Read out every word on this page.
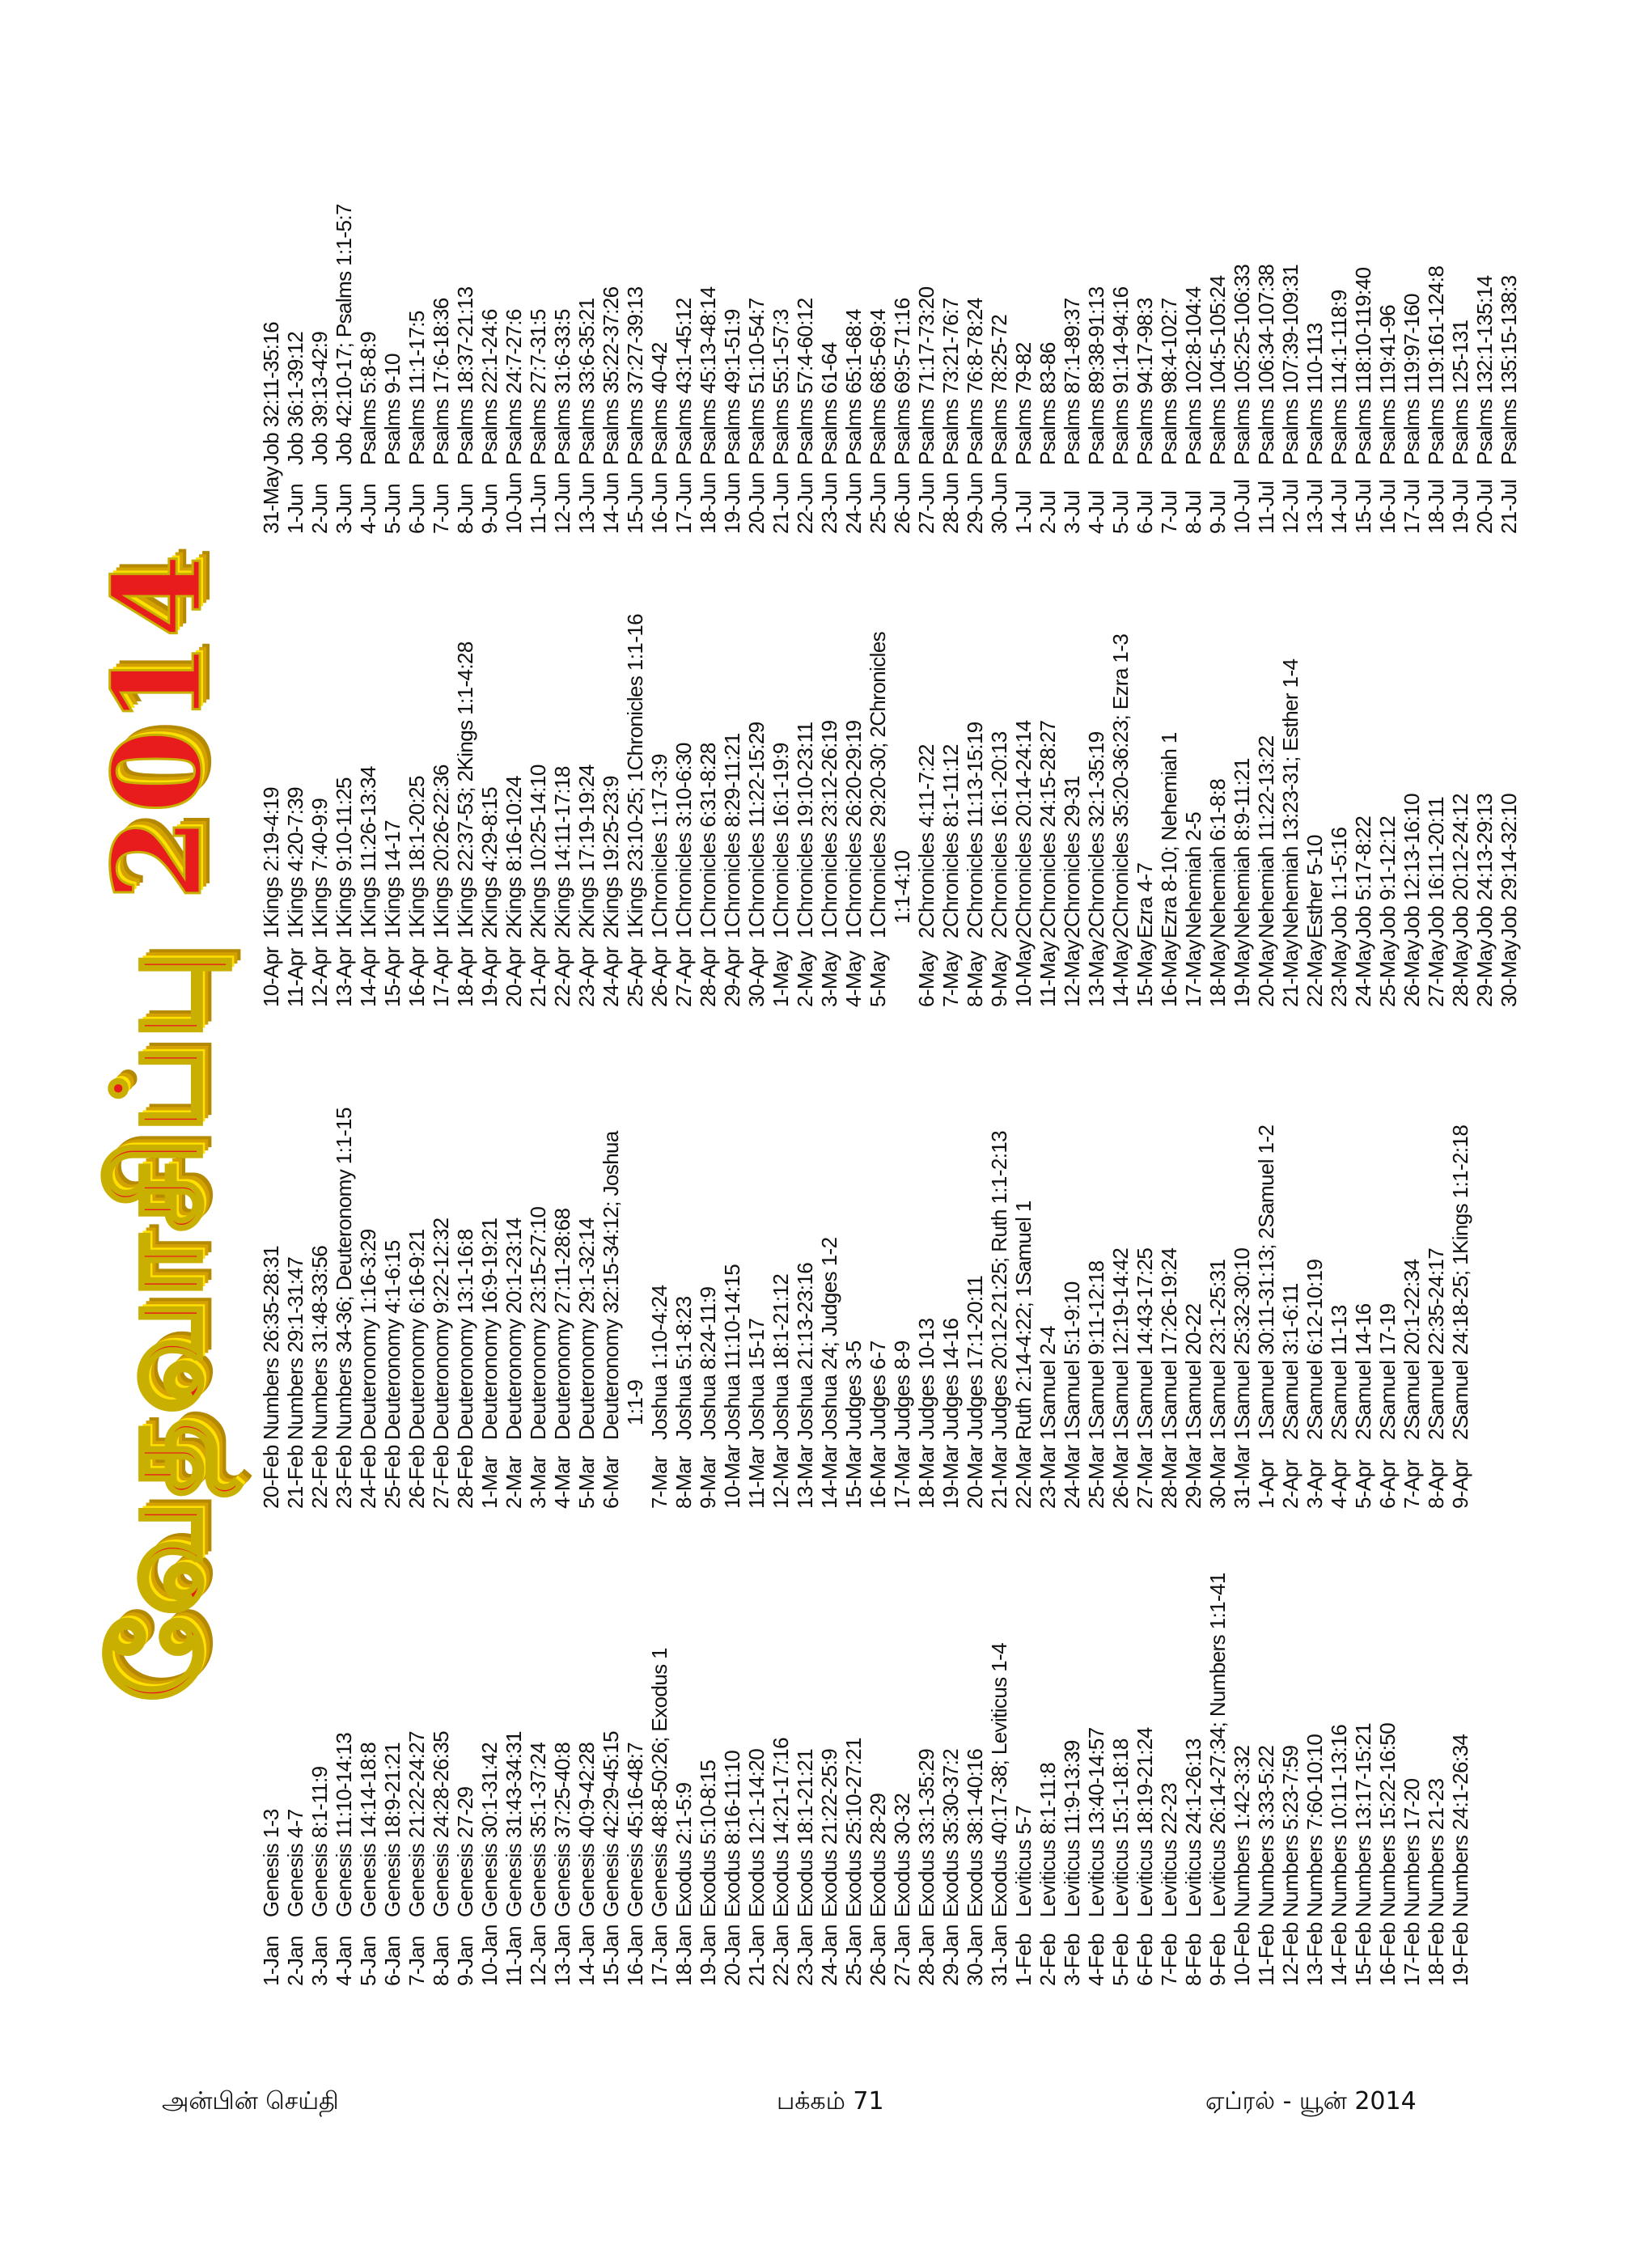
வேதவாசிப்பு 2014
1-Jan
Genesis 1-3
2-Jan
Genesis 4-7
3-Jan
Genesis 8:1-11:9
4-Jan
Genesis 11:10-14:13
5-Jan
Genesis 14:14-18:8
6-Jan
Genesis 18:9-21:21
7-Jan
Genesis 21:22-24:27
8-Jan
Genesis 24:28-26:35
9-Jan
Genesis 27-29
10-Jan
Genesis 30:1-31:42
11-Jan
Genesis 31:43-34:31
12-Jan
Genesis 35:1-37:24
13-Jan
Genesis 37:25-40:8
14-Jan
Genesis 40:9-42:28
15-Jan
Genesis 42:29-45:15
16-Jan
Genesis 45:16-48:7
17-Jan
Genesis 48:8-50:26; Exodus 1
18-Jan
Exodus 2:1-5:9
19-Jan
Exodus 5:10-8:15
20-Jan
Exodus 8:16-11:10
21-Jan
Exodus 12:1-14:20
22-Jan
Exodus 14:21-17:16
23-Jan
Exodus 18:1-21:21
24-Jan
Exodus 21:22-25:9
25-Jan
Exodus 25:10-27:21
26-Jan
Exodus 28-29
27-Jan
Exodus 30-32
28-Jan
Exodus 33:1-35:29
29-Jan
Exodus 35:30-37:2
30-Jan
Exodus 38:1-40:16
31-Jan
Exodus 40:17-38; Leviticus 1-4
1-Feb
Leviticus 5-7
2-Feb
Leviticus 8:1-11:8
3-Feb
Leviticus 11:9-13:39
4-Feb
Leviticus 13:40-14:57
5-Feb
Leviticus 15:1-18:18
6-Feb
Leviticus 18:19-21:24
7-Feb
Leviticus 22-23
8-Feb
Leviticus 24:1-26:13
9-Feb
Leviticus 26:14-27:34; Numbers 1:1-41
10-Feb
Numbers 1:42-3:32
11-Feb
Numbers 3:33-5:22
12-Feb
Numbers 5:23-7:59
13-Feb
Numbers 7:60-10:10
14-Feb
Numbers 10:11-13:16
15-Feb
Numbers 13:17-15:21
16-Feb
Numbers 15:22-16:50
17-Feb
Numbers 17-20
18-Feb
Numbers 21-23
19-Feb
Numbers 24:1-26:34
20-Feb
Numbers 26:35-28:31
21-Feb
Numbers 29:1-31:47
22-Feb
Numbers 31:48-33:56
23-Feb
Numbers 34-36; Deuteronomy 1:1-15
24-Feb
Deuteronomy 1:16-3:29
25-Feb
Deuteronomy 4:1-6:15
26-Feb
Deuteronomy 6:16-9:21
27-Feb
Deuteronomy 9:22-12:32
28-Feb
Deuteronomy 13:1-16:8
1-Mar
Deuteronomy 16:9-19:21
2-Mar
Deuteronomy 20:1-23:14
3-Mar
Deuteronomy 23:15-27:10
4-Mar
Deuteronomy 27:11-28:68
5-Mar
Deuteronomy 29:1-32:14
6-Mar
Deuteronomy 32:15-34:12; Joshua 1:1-9
7-Mar
Joshua 1:10-4:24
8-Mar
Joshua 5:1-8:23
9-Mar
Joshua 8:24-11:9
10-Mar
Joshua 11:10-14:15
11-Mar
Joshua 15-17
12-Mar
Joshua 18:1-21:12
13-Mar
Joshua 21:13-23:16
14-Mar
Joshua 24; Judges 1-2
15-Mar
Judges 3-5
16-Mar
Judges 6-7
17-Mar
Judges 8-9
18-Mar
Judges 10-13
19-Mar
Judges 14-16
20-Mar
Judges 17:1-20:11
21-Mar
Judges 20:12-21:25; Ruth 1:1-2:13
22-Mar
Ruth 2:14-4:22; 1Samuel 1
23-Mar
1Samuel 2-4
24-Mar
1Samuel 5:1-9:10
25-Mar
1Samuel 9:11-12:18
26-Mar
1Samuel 12:19-14:42
27-Mar
1Samuel 14:43-17:25
28-Mar
1Samuel 17:26-19:24
29-Mar
1Samuel 20-22
30-Mar
1Samuel 23:1-25:31
31-Mar
1Samuel 25:32-30:10
1-Apr
1Samuel 30:11-31:13; 2Samuel 1-2
2-Apr
2Samuel 3:1-6:11
3-Apr
2Samuel 6:12-10:19
4-Apr
2Samuel 11-13
5-Apr
2Samuel 14-16
6-Apr
2Samuel 17-19
7-Apr
2Samuel 20:1-22:34
8-Apr
2Samuel 22:35-24:17
9-Apr
2Samuel 24:18-25; 1Kings 1:1-2:18
10-Apr
1Kings 2:19-4:19
11-Apr
1Kings 4:20-7:39
12-Apr
1Kings 7:40-9:9
13-Apr
1Kings 9:10-11:25
14-Apr
1Kings 11:26-13:34
15-Apr
1Kings 14-17
16-Apr
1Kings 18:1-20:25
17-Apr
1Kings 20:26-22:36
18-Apr
1Kings 22:37-53; 2Kings 1:1-4:28
19-Apr
2Kings 4:29-8:15
20-Apr
2Kings 8:16-10:24
21-Apr
2Kings 10:25-14:10
22-Apr
2Kings 14:11-17:18
23-Apr
2Kings 17:19-19:24
24-Apr
2Kings 19:25-23:9
25-Apr
1Kings 23:10-25; 1Chronicles 1:1-16
26-Apr
1Chronicles 1:17-3:9
27-Apr
1Chronicles 3:10-6:30
28-Apr
1Chronicles 6:31-8:28
29-Apr
1Chronicles 8:29-11:21
30-Apr
1Chronicles 11:22-15:29
1-May
1Chronicles 16:1-19:9
2-May
1Chronicles 19:10-23:11
3-May
1Chronicles 23:12-26:19
4-May
1Chronicles 26:20-29:19
5-May
1Chronicles 29:20-30; 2Chronicles 1:1-4:10
6-May
2Chronicles 4:11-7:22
7-May
2Chronicles 8:1-11:12
8-May
2Chronicles 11:13-15:19
9-May
2Chronicles 16:1-20:13
10-May
2Chronicles 20:14-24:14
11-May
2Chronicles 24:15-28:27
12-May
2Chronicles 29-31
13-May
2Chronicles 32:1-35:19
14-May
2Chronicles 35:20-36:23; Ezra 1-3
15-May
Ezra 4-7
16-May
Ezra 8-10; Nehemiah 1
17-May
Nehemiah 2-5
18-May
Nehemiah 6:1-8:8
19-May
Nehemiah 8:9-11:21
20-May
Nehemiah 11:22-13:22
21-May
Nehemiah 13:23-31; Esther 1-4
22-May
Esther 5-10
23-May
Job 1:1-5:16
24-May
Job 5:17-8:22
25-May
Job 9:1-12:12
26-May
Job 12:13-16:10
27-May
Job 16:11-20:11
28-May
Job 20:12-24:12
29-May
Job 24:13-29:13
30-May
Job 29:14-32:10
31-May
Job 32:11-35:16
1-Jun
Job 36:1-39:12
2-Jun
Job 39:13-42:9
3-Jun
Job 42:10-17; Psalms 1:1-5:7
4-Jun
Psalms 5:8-8:9
5-Jun
Psalms 9-10
6-Jun
Psalms 11:1-17:5
7-Jun
Psalms 17:6-18:36
8-Jun
Psalms 18:37-21:13
9-Jun
Psalms 22:1-24:6
10-Jun
Psalms 24:7-27:6
11-Jun
Psalms 27:7-31:5
12-Jun
Psalms 31:6-33:5
13-Jun
Psalms 33:6-35:21
14-Jun
Psalms 35:22-37:26
15-Jun
Psalms 37:27-39:13
16-Jun
Psalms 40-42
17-Jun
Psalms 43:1-45:12
18-Jun
Psalms 45:13-48:14
19-Jun
Psalms 49:1-51:9
20-Jun
Psalms 51:10-54:7
21-Jun
Psalms 55:1-57:3
22-Jun
Psalms 57:4-60:12
23-Jun
Psalms 61-64
24-Jun
Psalms 65:1-68:4
25-Jun
Psalms 68:5-69:4
26-Jun
Psalms 69:5-71:16
27-Jun
Psalms 71:17-73:20
28-Jun
Psalms 73:21-76:7
29-Jun
Psalms 76:8-78:24
30-Jun
Psalms 78:25-72
1-Jul
Psalms 79-82
2-Jul
Psalms 83-86
3-Jul
Psalms 87:1-89:37
4-Jul
Psalms 89:38-91:13
5-Jul
Psalms 91:14-94:16
6-Jul
Psalms 94:17-98:3
7-Jul
Psalms 98:4-102:7
8-Jul
Psalms 102:8-104:4
9-Jul
Psalms 104:5-105:24
10-Jul
Psalms 105:25-106:33
11-Jul
Psalms 106:34-107:38
12-Jul
Psalms 107:39-109:31
13-Jul
Psalms 110-113
14-Jul
Psalms 114:1-118:9
15-Jul
Psalms 118:10-119:40
16-Jul
Psalms 119:41-96
17-Jul
Psalms 119:97-160
18-Jul
Psalms 119:161-124:8
19-Jul
Psalms 125-131
20-Jul
Psalms 132:1-135:14
21-Jul
Psalms 135:15-138:3
அன்பின் செய்தி	பக்கம் 71	ஏப்ரல் - யூன் 2014
